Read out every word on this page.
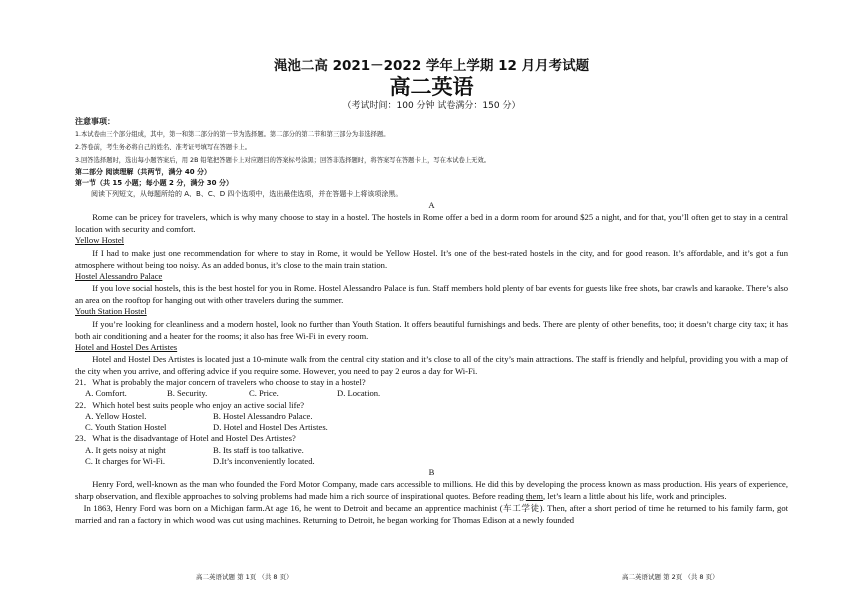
渑池二高 2021－2022 学年上学期 12 月月考试题
高二英语
（考试时间：100 分钟 试卷满分：150 分）
注意事项：
1.本试卷由三个部分组成，其中，第一和第二部分的第一节为选择题。第二部分的第二节和第三部分为非选择题。
2.答卷前，考生务必将自己的姓名、准考证号填写在答题卡上。
3.回答选择题时，选出每小题答案后，用 2B 铅笔把答题卡上对应题目的答案标号涂黑；回答非选择题时，将答案写在答题卡上，写在本试卷上无效。
第二部分 阅读理解（共两节，满分 40 分）
第一节（共 15 小题；每小题 2 分，满分 30 分）
阅读下列短文，从每题所给的 A、B、C、D 四个选项中，选出最佳选项，并在答题卡上将该项涂黑。
A
Rome can be pricey for travelers, which is why many choose to stay in a hostel. The hostels in Rome offer a bed in a dorm room for around $25 a night, and for that, you’ll often get to stay in a central location with security and comfort.
Yellow Hostel
If I had to make just one recommendation for where to stay in Rome, it would be Yellow Hostel. It’s one of the best-rated hostels in the city, and for good reason. It’s affordable, and it’s got a fun atmosphere without being too noisy. As an added bonus, it’s close to the main train station.
Hostel Alessandro Palace
If you love social hostels, this is the best hostel for you in Rome. Hostel Alessandro Palace is fun. Staff members hold plenty of bar events for guests like free shots, bar crawls and karaoke. There’s also an area on the rooftop for hanging out with other travelers during the summer.
Youth Station Hostel
If you’re looking for cleanliness and a modern hostel, look no further than Youth Station. It offers beautiful furnishings and beds. There are plenty of other benefits, too; it doesn’t charge city tax; it has both air conditioning and a heater for the rooms; it also has free Wi-Fi in every room.
Hotel and Hostel Des Artistes
Hotel and Hostel Des Artistes is located just a 10-minute walk from the central city station and it’s close to all of the city’s main attractions. The staff is friendly and helpful, providing you with a map of the city when you arrive, and offering advice if you require some. However, you need to pay 2 euros a day for Wi-Fi.
21．What is probably the major concern of travelers who choose to stay in a hostel?
A. Comfort.	B. Security.	C. Price.	D. Location.
22．Which hotel best suits people who enjoy an active social life?
A. Yellow Hostel.	B. Hostel Alessandro Palace.
C. Youth Station Hostel	D. Hotel and Hostel Des Artistes.
23．What is the disadvantage of Hotel and Hostel Des Artistes?
A. It gets noisy at night	B. Its staff is too talkative.
C. It charges for Wi-Fi.	D.It’s inconveniently located.
B
Henry Ford, well-known as the man who founded the Ford Motor Company, made cars accessible to millions. He did this by developing the process known as mass production. His years of experience, sharp observation, and flexible approaches to solving problems had made him a rich source of inspirational quotes. Before reading them, let’s learn a little about his life, work and principles.
In 1863, Henry Ford was born on a Michigan farm.At age 16, he went to Detroit and became an apprentice machinist (车工学徒). Then, after a short period of time he returned to his family farm, got married and ran a factory in which wood was cut using machines. Returning to Detroit, he began working for Thomas Edison at a newly founded
高二英语试题 第 1页 （共 8 页）	高二英语试题 第 2页 （共 8 页）
